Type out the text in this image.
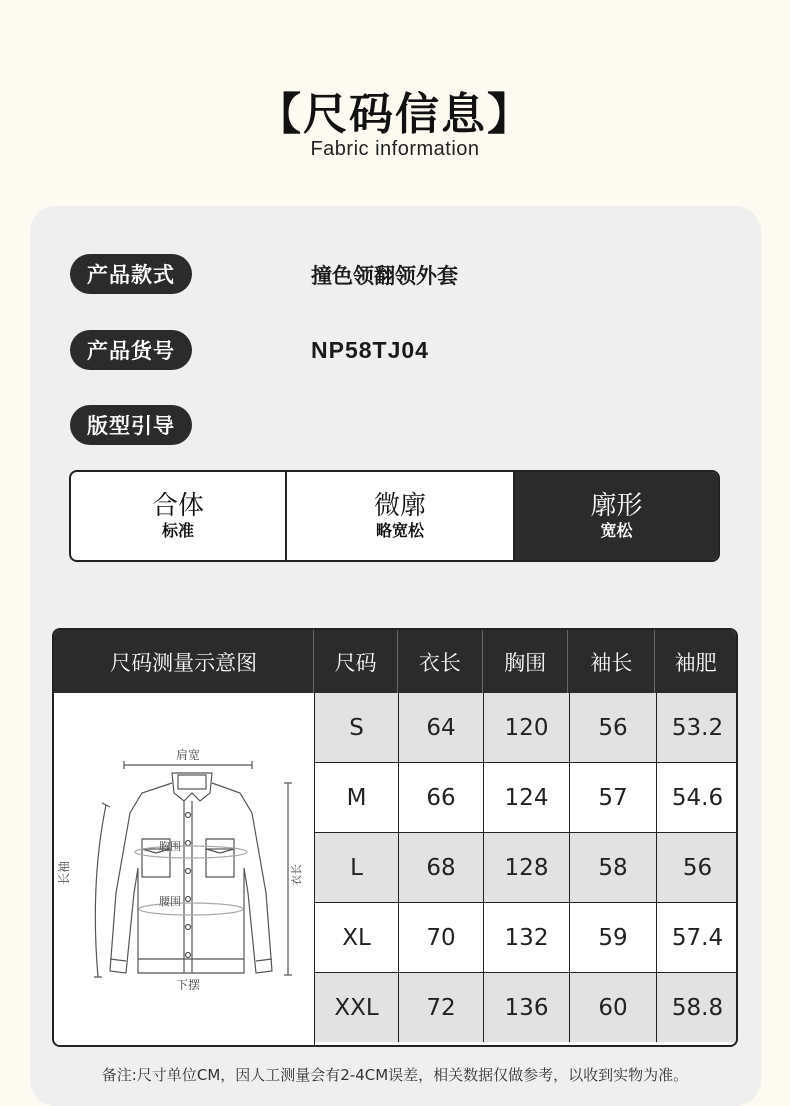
【尺码信息】
Fabric information
产品款式	撞色领翻领外套
产品货号	NP58TJ04
版型引导
合体
标准
微廓
略宽松
廓形
宽松
尺码测量示意图	尺码	衣长	胸围	袖长	袖肥
肩宽
胸围
腰围
下摆
长袖	衣长
S	64	120	56	53.2
M	66	124	57	54.6
L	68	128	58	56
XL	70	132	59	57.4
XXL	72	136	60	58.8
备注:尺寸单位CM，因人工测量会有2-4CM误差，相关数据仅做参考，以收到实物为准。
